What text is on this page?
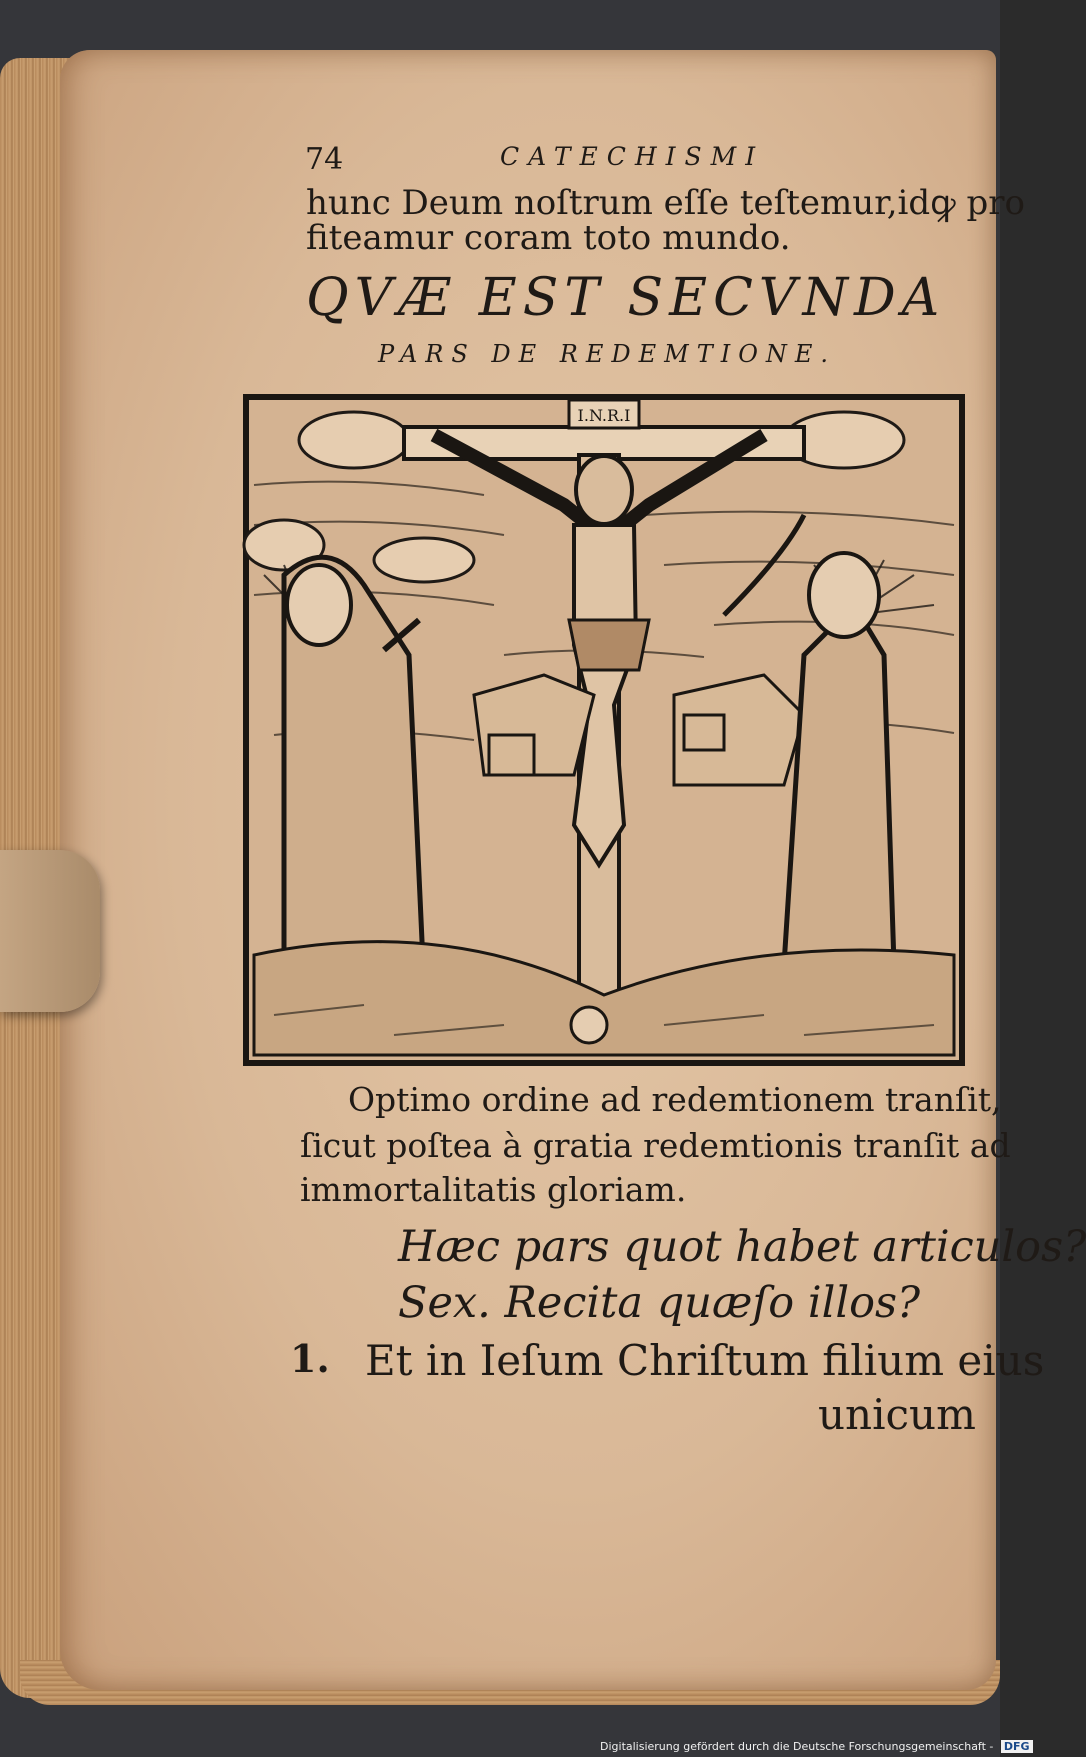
74	CATECHISMI
hunc Deum noſtrum eſſe teſtemur,idꝙ pro
fiteamur coram toto mundo.
QVÆ EST SECVNDA
PARS DE REDEMTIONE.
I.N.R.I
Optimo ordine ad redemtionem tranſit,
ſicut poſtea à gratia redemtionis tranſit ad
immortalitatis gloriam.
Hæc pars quot habet articulos?
Sex. Recita quæſo illos?
1. Et in Ieſum Chriſtum filium eius
unicum
Digitalisierung gefördert durch die Deutsche Forschungsgemeinschaft - DFG
